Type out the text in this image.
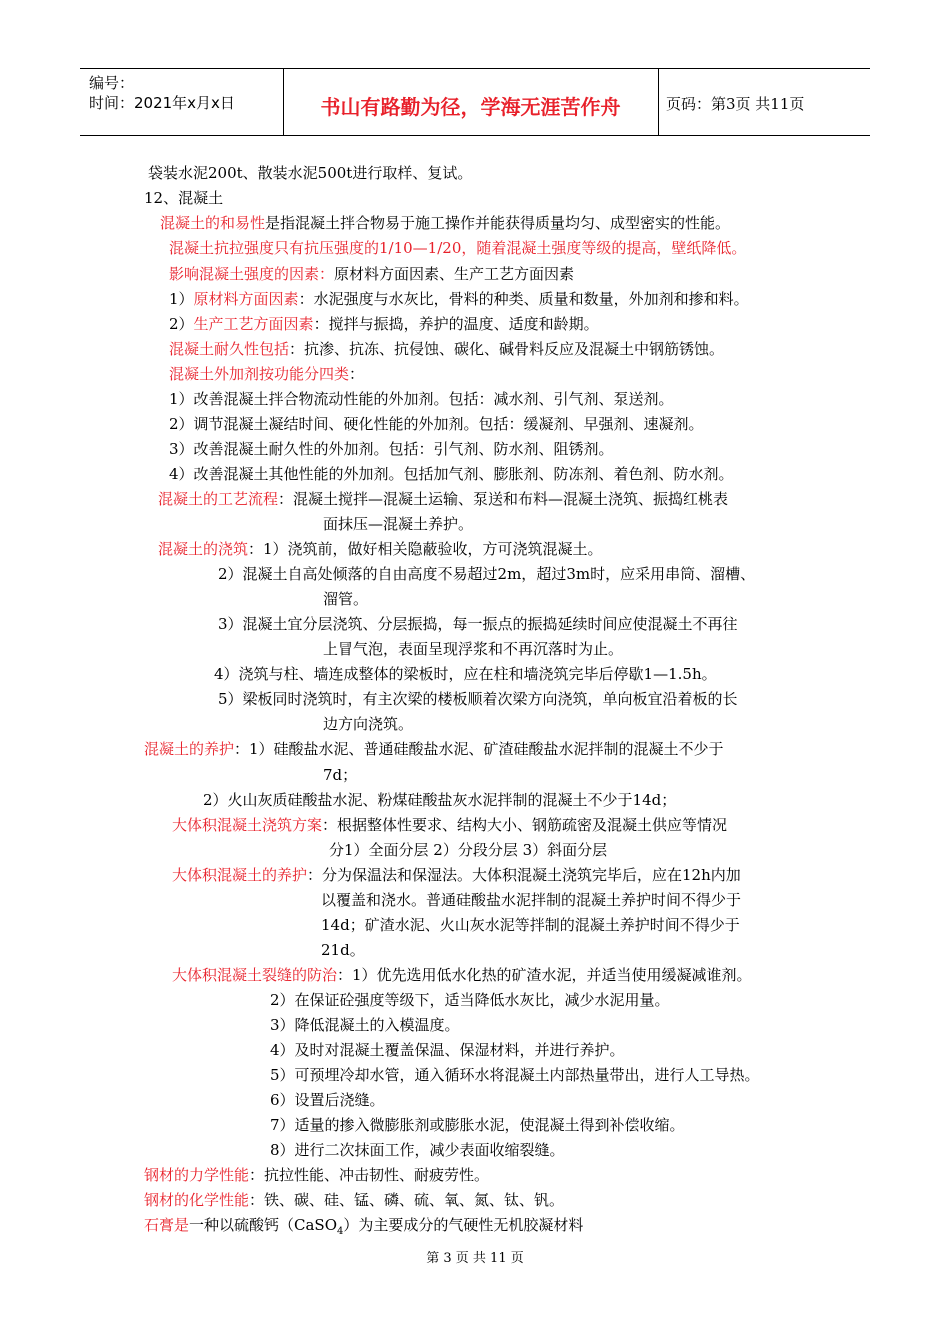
编号：
时间：2021年x月x日	书山有路勤为径，学海无涯苦作舟	页码：第3页 共11页
袋装水泥200t、散装水泥500t进行取样、复试。
12、混凝土
混凝土的和易性是指混凝土拌合物易于施工操作并能获得质量均匀、成型密实的性能。
混凝土抗拉强度只有抗压强度的1/10—1/20，随着混凝土强度等级的提高，壁纸降低。
影响混凝土强度的因素：原材料方面因素、生产工艺方面因素
1）原材料方面因素：水泥强度与水灰比，骨料的种类、质量和数量，外加剂和掺和料。
2）生产工艺方面因素：搅拌与振捣，养护的温度、适度和龄期。
混凝土耐久性包括：抗渗、抗冻、抗侵蚀、碳化、碱骨料反应及混凝土中钢筋锈蚀。
混凝土外加剂按功能分四类：
1）改善混凝土拌合物流动性能的外加剂。包括：减水剂、引气剂、泵送剂。
2）调节混凝土凝结时间、硬化性能的外加剂。包括：缓凝剂、早强剂、速凝剂。
3）改善混凝土耐久性的外加剂。包括：引气剂、防水剂、阻锈剂。
4）改善混凝土其他性能的外加剂。包括加气剂、膨胀剂、防冻剂、着色剂、防水剂。
混凝土的工艺流程：混凝土搅拌—混凝土运输、泵送和布料—混凝土浇筑、振捣红桃表
面抹压—混凝土养护。
混凝土的浇筑：1）浇筑前，做好相关隐蔽验收，方可浇筑混凝土。
2）混凝土自高处倾落的自由高度不易超过2m，超过3m时，应采用串筒、溜槽、
溜管。
3）混凝土宜分层浇筑、分层振捣，每一振点的振捣延续时间应使混凝土不再往
上冒气泡，表面呈现浮浆和不再沉落时为止。
4）浇筑与柱、墙连成整体的梁板时，应在柱和墙浇筑完毕后停歇1—1.5h。
5）梁板同时浇筑时，有主次梁的楼板顺着次梁方向浇筑，单向板宜沿着板的长
边方向浇筑。
混凝土的养护：1）硅酸盐水泥、普通硅酸盐水泥、矿渣硅酸盐水泥拌制的混凝土不少于
7d；
2）火山灰质硅酸盐水泥、粉煤硅酸盐灰水泥拌制的混凝土不少于14d；
大体积混凝土浇筑方案：根据整体性要求、结构大小、钢筋疏密及混凝土供应等情况
分1）全面分层 2）分段分层 3）斜面分层
大体积混凝土的养护：分为保温法和保湿法。大体积混凝土浇筑完毕后，应在12h内加
以覆盖和浇水。普通硅酸盐水泥拌制的混凝土养护时间不得少于
14d；矿渣水泥、火山灰水泥等拌制的混凝土养护时间不得少于
21d。
大体积混凝土裂缝的防治：1）优先选用低水化热的矿渣水泥，并适当使用缓凝减谁剂。
2）在保证砼强度等级下，适当降低水灰比，减少水泥用量。
3）降低混凝土的入模温度。
4）及时对混凝土覆盖保温、保湿材料，并进行养护。
5）可预埋冷却水管，通入循环水将混凝土内部热量带出，进行人工导热。
6）设置后浇缝。
7）适量的掺入微膨胀剂或膨胀水泥，使混凝土得到补偿收缩。
8）进行二次抹面工作，减少表面收缩裂缝。
钢材的力学性能：抗拉性能、冲击韧性、耐疲劳性。
钢材的化学性能：铁、碳、硅、锰、磷、硫、氧、氮、钛、钒。
石膏是一种以硫酸钙（CaSO$_4$）为主要成分的气硬性无机胶凝材料
第 3 页 共 11 页
